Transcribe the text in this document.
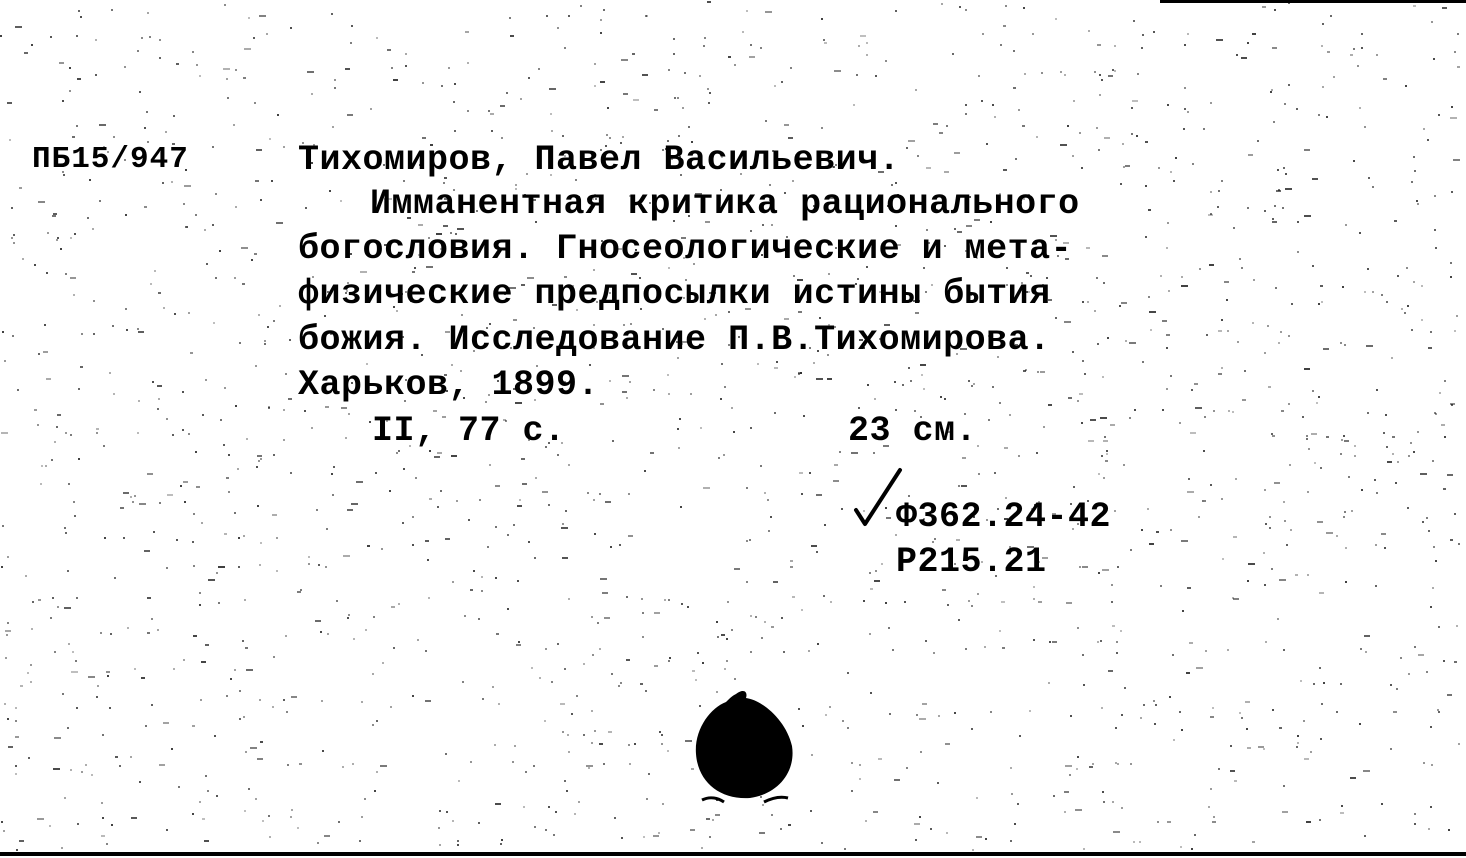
ПБ15/947	Тихомиров, Павел Васильевич.
Имманентная критика рационального
богословия. Гносеологические и мета-
физические предпосылки истины бытия
божия. Исследование П.В.Тихомирова.
Харьков, 1899.
II, 77 с.	23 см.
Ф362.24-42
Р215.21
